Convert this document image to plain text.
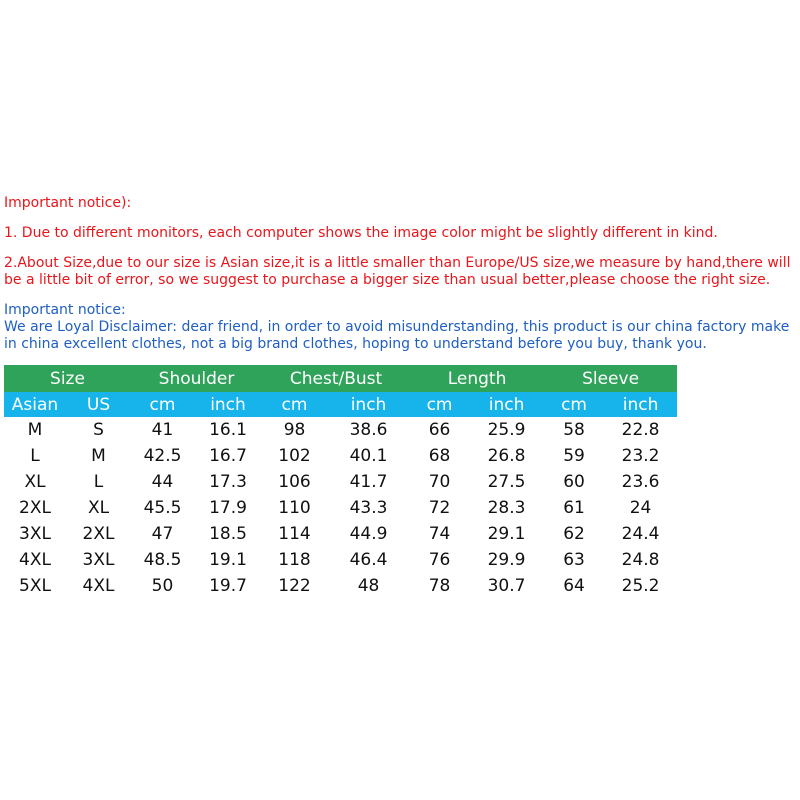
Important notice):

1. Due to different monitors, each computer shows the image color might be slightly different in kind.

2.About Size,due to our size is Asian size,it is a little smaller than Europe/US size,we measure by hand,there will

be a little bit of error, so we suggest to purchase a bigger size than usual better,please choose the right size.

Important notice:

We are Loyal Disclaimer: dear friend, in order to avoid misunderstanding, this product is our china factory make

in china excellent clothes, not a big brand clothes, hoping to understand before you buy, thank you.

Size		Shoulder		Chest/Bust		Length		Sleeve	
Asian	US	cm	inch	cm	inch	cm	inch	cm	inch
M	S	41	16.1	98	38.6	66	25.9	58	22.8
L	M	42.5	16.7	102	40.1	68	26.8	59	23.2
XL	L	44	17.3	106	41.7	70	27.5	60	23.6
2XL	XL	45.5	17.9	110	43.3	72	28.3	61	24
3XL	2XL	47	18.5	114	44.9	74	29.1	62	24.4
4XL	3XL	48.5	19.1	118	46.4	76	29.9	63	24.8
5XL	4XL	50	19.7	122	48	78	30.7	64	25.2
